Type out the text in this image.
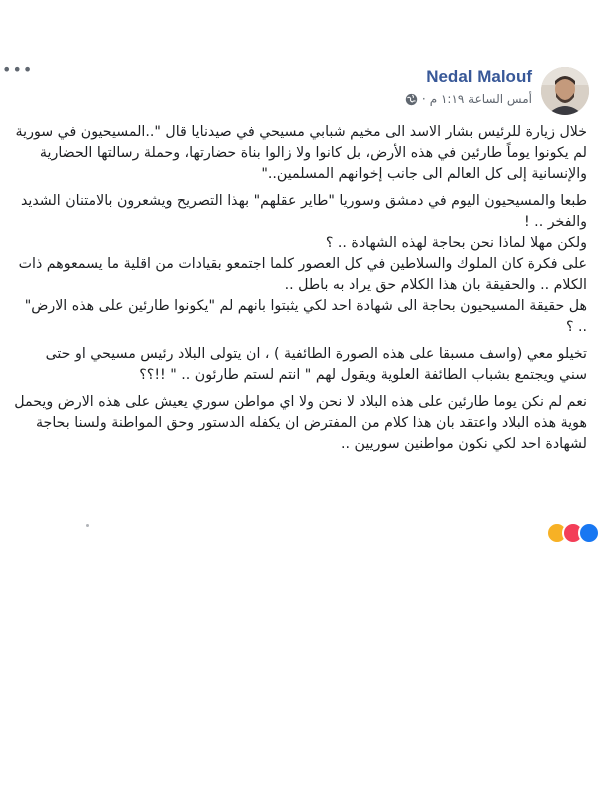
•••	Nedal Malouf
أمس الساعة ١:١٩ م
·

خلال زيارة للرئيس بشار الاسد الى مخيم شبابي مسيحي في صيدنايا قال "..المسيحيون في سورية لم يكونوا يوماً طارئين في هذه الأرض، بل كانوا ولا زالوا بناة حضارتها، وحملة رسالتها الحضارية والإنسانية إلى كل العالم الى جانب إخوانهم المسلمين.."

طبعا والمسيحيون اليوم في دمشق وسوريا "طاير عقلهم" بهذا التصريح ويشعرون بالامتنان الشديد والفخر .. !

ولكن مهلا لماذا نحن بحاجة لهذه الشهادة .. ؟

على فكرة كان الملوك والسلاطين في كل العصور كلما اجتمعو بقيادات من اقلية ما يسمعوهم ذات الكلام .. والحقيقة بان هذا الكلام حق يراد به باطل ..

هل حقيقة المسيحيون بحاجة الى شهادة احد لكي يثبتوا بانهم لم "يكونوا طارئين على هذه الارض" .. ؟

تخيلو معي (واسف مسبقا على هذه الصورة الطائفية ) ، ان يتولى البلاد رئيس مسيحي او حتى سني ويجتمع بشباب الطائفة العلوية ويقول لهم " انتم لستم طارئون .. " !!؟؟

نعم لم نكن يوما طارئين على هذه البلاد لا نحن ولا اي مواطن سوري يعيش على هذه الارض ويحمل هوية هذه البلاد واعتقد بان هذا كلام من المفترض ان يكفله الدستور وحق المواطنة ولسنا بحاجة لشهادة احد لكي نكون مواطنين سوريين ..
